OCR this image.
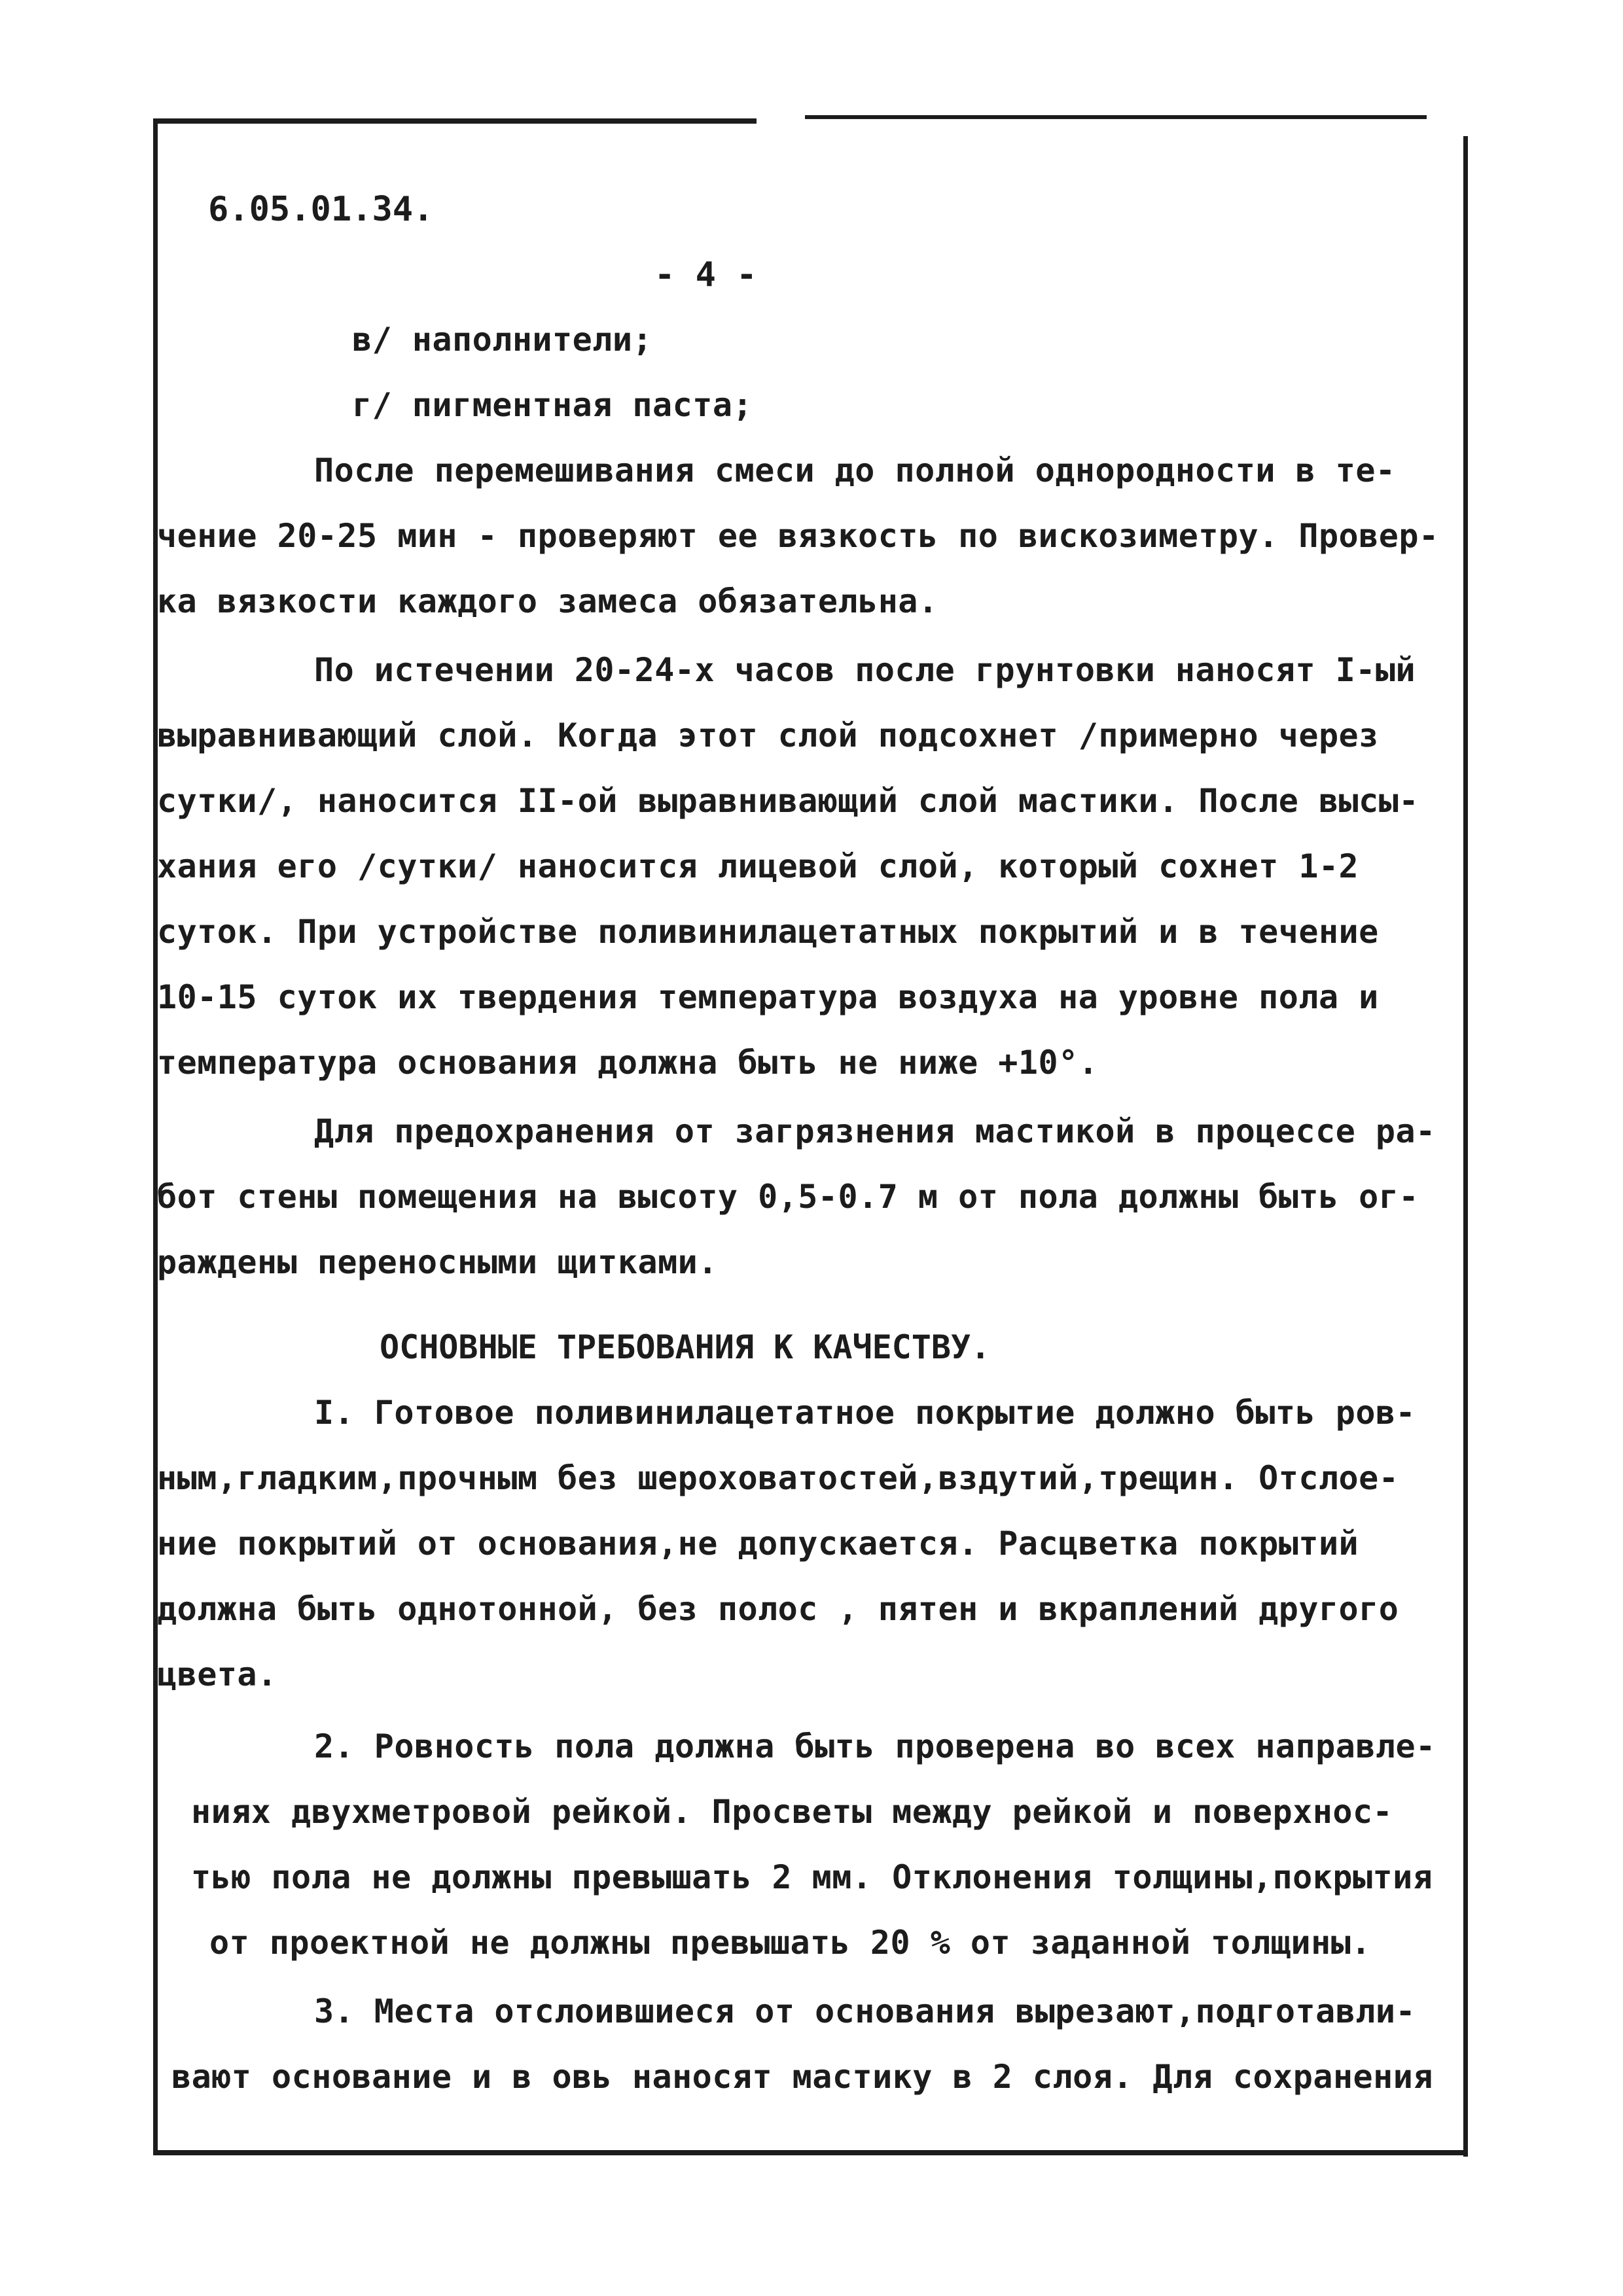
6.05.01.34.
- 4 -
в/ наполнители;
г/ пигментная паста;
После перемешивания смеси до полной однородности в те-
чение 20-25 мин - проверяют ее вязкость по вискозиметру. Провер-
ка вязкости каждого замеса обязательна.
По истечении 20-24-х часов после грунтовки наносят I-ый
выравнивающий слой. Когда этот слой подсохнет /примерно через
сутки/, наносится II-ой выравнивающий слой мастики. После высы-
хания его /сутки/ наносится лицевой слой, который сохнет 1-2
суток. При устройстве поливинилацетатных покрытий и в течение
10-15 суток их твердения температура воздуха на уровне пола и
температура основания должна быть не ниже +10°.
Для предохранения от загрязнения мастикой в процессе ра-
бот стены помещения на высоту 0,5-0.7 м от пола должны быть ог-
раждены переносными щитками.
ОСНОВНЫЕ ТРЕБОВАНИЯ К КАЧЕСТВУ.
I. Готовое поливинилацетатное покрытие должно быть ров-
ным,гладким,прочным без шероховатостей,вздутий,трещин. Отслое-
ние покрытий от основания,не допускается. Расцветка покрытий
должна быть однотонной, без полос , пятен и вкраплений другого
цвета.
2. Ровность пола должна быть проверена во всех направле-
ниях двухметровой рейкой. Просветы между рейкой и поверхнос-
тью пола не должны превышать 2 мм. Отклонения толщины,покрытия
от проектной не должны превышать 20 % от заданной толщины.
3. Места отслоившиеся от основания вырезают,подготавли-
вают основание и в овь наносят мастику в 2 слоя. Для сохранения
